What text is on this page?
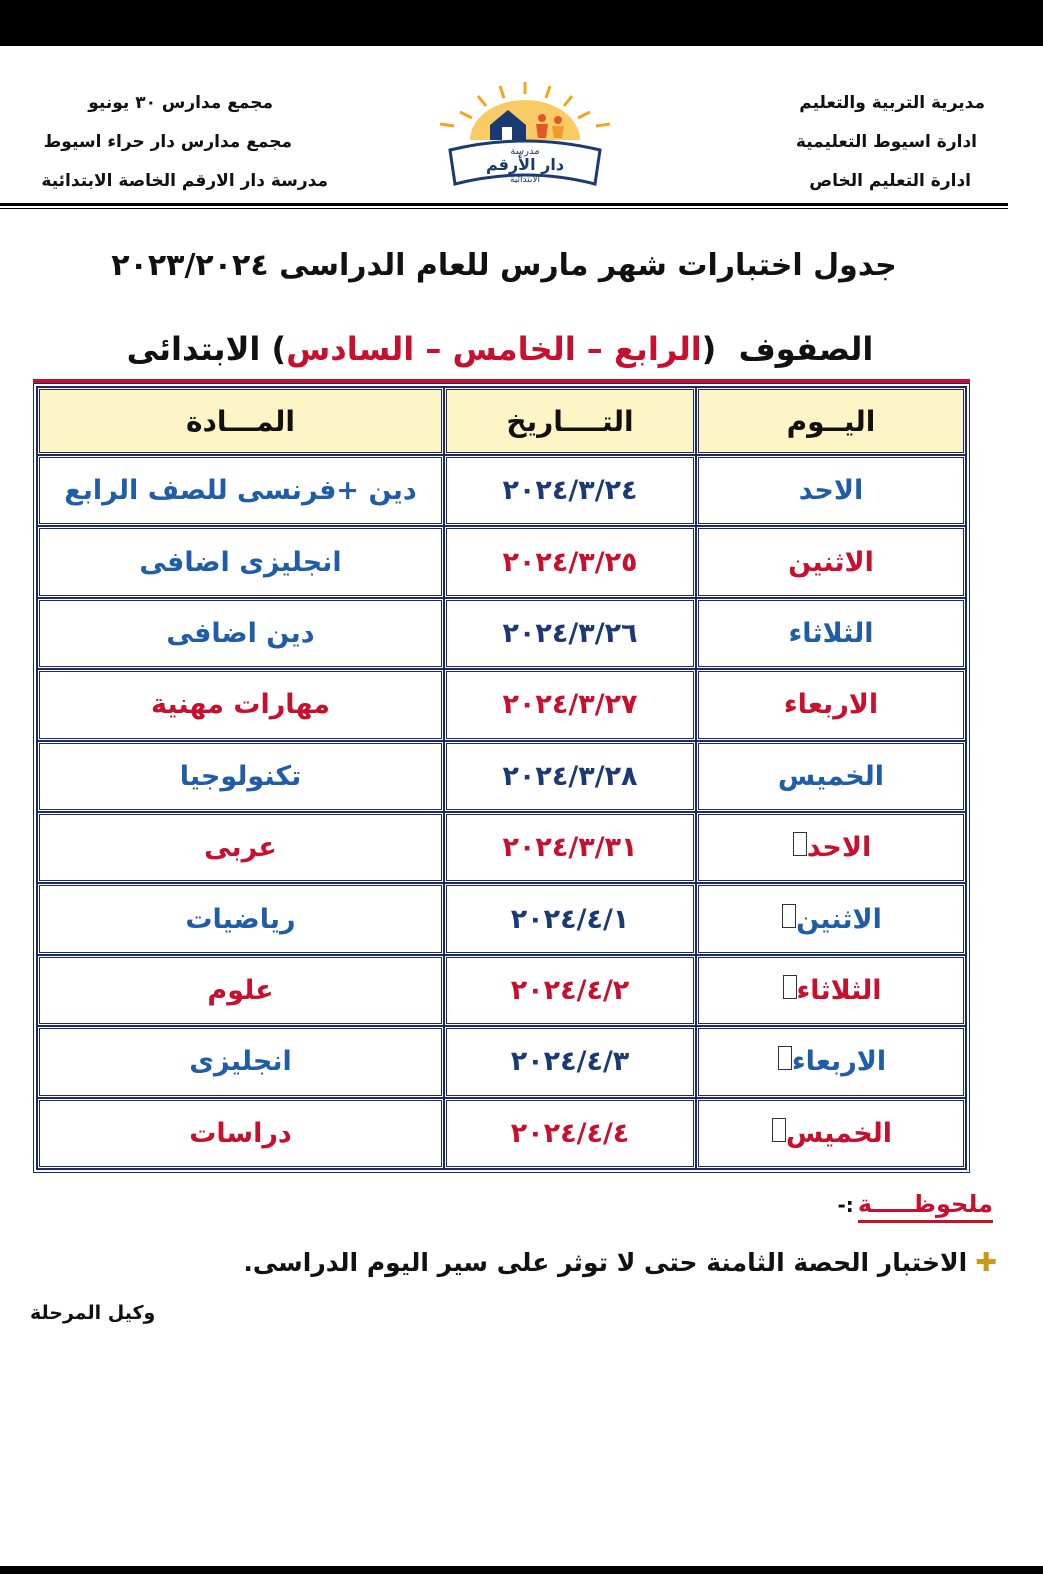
مديرية التربية والتعليم
ادارة اسيوط التعليمية
ادارة التعليم الخاص
مدرسة
دار الأرقم
الابتدائية
مجمع مدارس ٣٠ يونيو
مجمع مدارس دار حراء اسيوط
مدرسة دار الارقم الخاصة الابتدائية
جدول اختبارات شهر مارس للعام الدراسى ٢٠٢٣/٢٠٢٤
الصفوف  (الرابع – الخامس – السادس) الابتدائى
اليــوم	التــــاريخ	المـــادة
الاحد	٢٠٢٤/٣/٢٤	دين +فرنسى للصف الرابع
الاثنين	٢٠٢٤/٣/٢٥	انجليزى اضافى
الثلاثاء	٢٠٢٤/٣/٢٦	دين اضافى
الاربعاء	٢٠٢٤/٣/٢٧	مهارات مهنية
الخميس	٢٠٢٤/٣/٢٨	تكنولوجيا
الاحد	٢٠٢٤/٣/٣١	عربى
الاثنين	٢٠٢٤/٤/١	رياضيات
الثلاثاء	٢٠٢٤/٤/٢	علوم
الاربعاء	٢٠٢٤/٤/٣	انجليزى
الخميس	٢٠٢٤/٤/٤	دراسات
ملحوظـــــة:-
✚الاختبار الحصة الثامنة حتى لا توثر على سير اليوم الدراسى.
وكيل المرحلة
